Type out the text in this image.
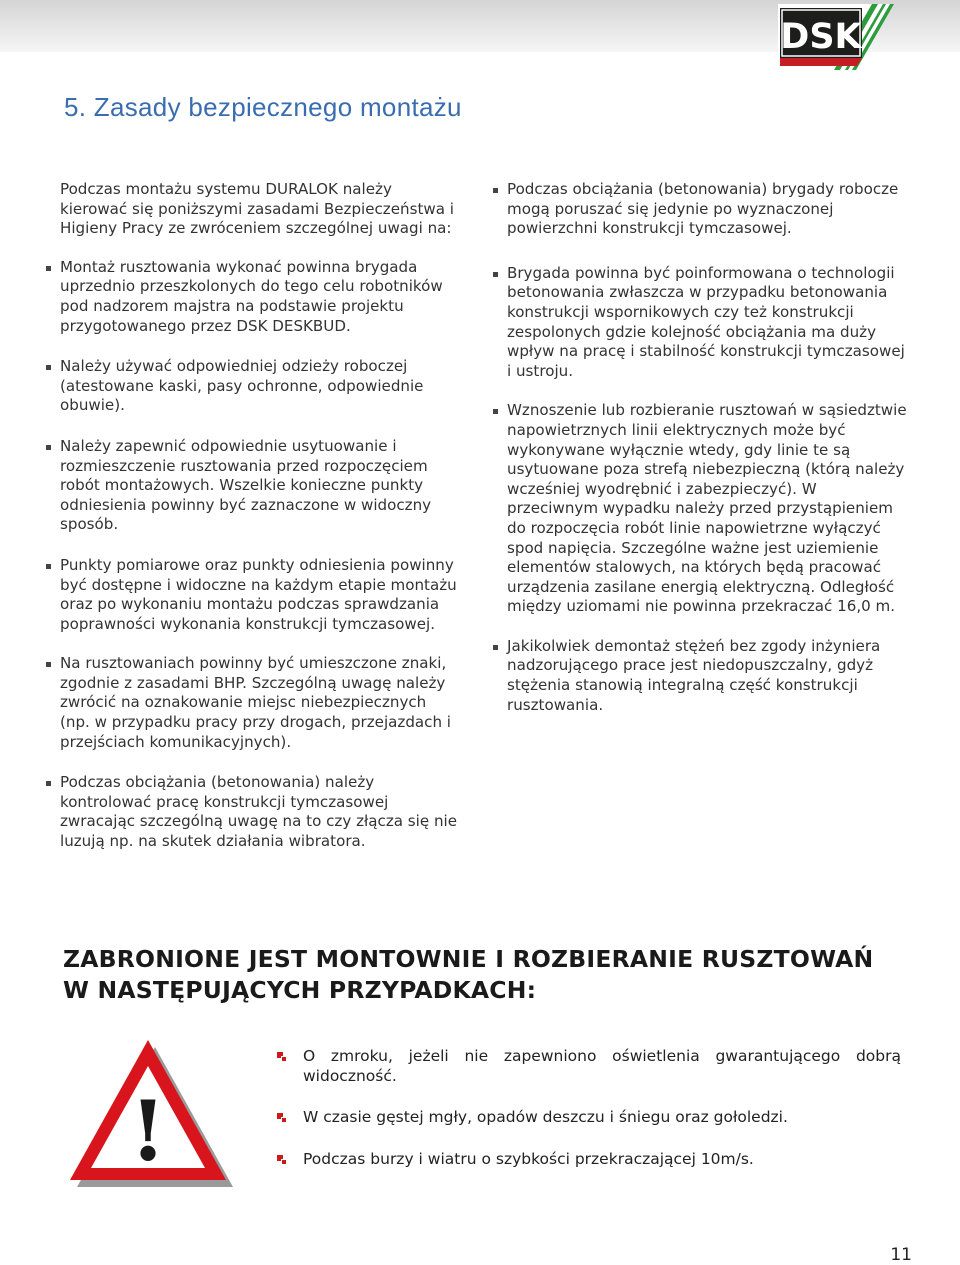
DSK
5. Zasady bezpiecznego montażu

Podczas montażu systemu DURALOK należy kierować się poniższymi zasadami Bezpieczeństwa i Higieny Pracy ze zwróceniem szczególnej uwagi na:

Montaż rusztowania wykonać powinna brygada uprzednio przeszkolonych do tego celu robotników pod nadzorem majstra na podstawie projektu przygotowanego przez DSK DESKBUD.
Należy używać odpowiedniej odzieży roboczej (atestowane kaski, pasy ochronne, odpowiednie obuwie).
Należy zapewnić odpowiednie usytuowanie i rozmieszczenie rusztowania przed rozpoczęciem robót montażowych. Wszelkie konieczne punkty odniesienia powinny być zaznaczone w widoczny sposób.
Punkty pomiarowe oraz punkty odniesienia powinny być dostępne i widoczne na każdym etapie montażu oraz po wykonaniu montażu podczas sprawdzania poprawności wykonania konstrukcji tymczasowej.
Na rusztowaniach powinny być umieszczone znaki, zgodnie z zasadami BHP. Szczególną uwagę należy zwrócić na oznakowanie miejsc niebezpiecznych (np. w przypadku pracy przy drogach, przejazdach i przejściach komunikacyjnych).
Podczas obciążania (betonowania) należy kontrolować pracę konstrukcji tymczasowej zwracając szczególną uwagę na to czy złącza się nie luzują np. na skutek działania wibratora.
Podczas obciążania (betonowania) brygady robocze mogą poruszać się jedynie po wyznaczonej powierzchni konstrukcji tymczasowej.
Brygada powinna być poinformowana o technologii betonowania zwłaszcza w przypadku betonowania konstrukcji wspornikowych czy też konstrukcji zespolonych gdzie kolejność obciążania ma duży wpływ na pracę i stabilność konstrukcji tymczasowej i ustroju.
Wznoszenie lub rozbieranie rusztowań w sąsiedztwie napowietrznych linii elektrycznych może być wykonywane wyłącznie wtedy, gdy linie te są usytuowane poza strefą niebezpieczną (którą należy wcześniej wyodrębnić i zabezpieczyć). W przeciwnym wypadku należy przed przystąpieniem do rozpoczęcia robót linie napowietrzne wyłączyć spod napięcia. Szczególne ważne jest uziemienie elementów stalowych, na których będą pracować urządzenia zasilane energią elektryczną. Odległość między uziomami nie powinna przekraczać 16,0 m.
Jakikolwiek demontaż stężeń bez zgody inżyniera nadzorującego prace jest niedopuszczalny, gdyż stężenia stanowią integralną część konstrukcji rusztowania.
ZABRONIONE JEST MONTOWNIE I ROZBIERANIE RUSZTOWAŃ
W NASTĘPUJĄCYCH PRZYPADKACH:
!
O zmroku, jeżeli nie zapewniono oświetlenia gwarantującego dobrą widoczność.
W czasie gęstej mgły, opadów deszczu i śniegu oraz gołoledzi.
Podczas burzy i wiatru o szybkości przekraczającej 10m/s.
11
